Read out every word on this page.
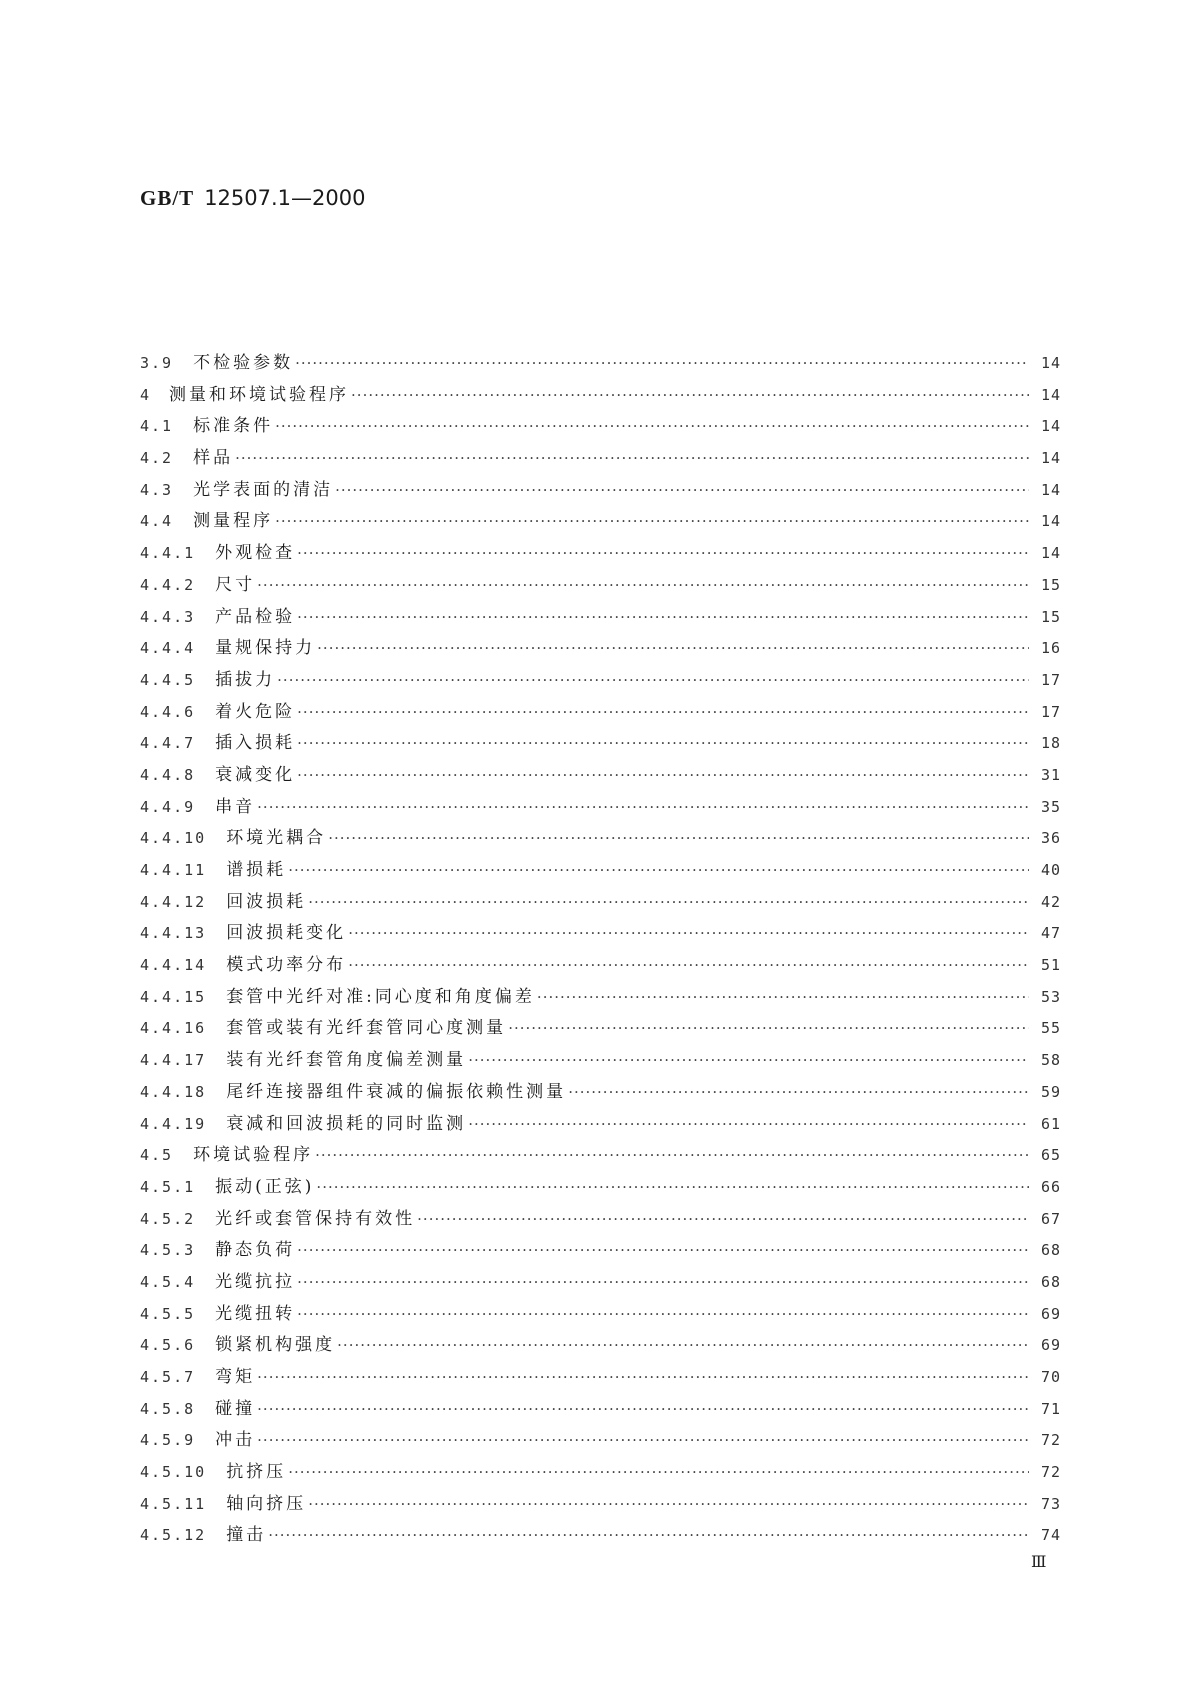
GB/T 12507.1—2000
3.9 不检验参数 ·····	14
4 测量和环境试验程序 ·····	14
4.1 标准条件 ·····	14
4.2 样品 ·····	14
4.3 光学表面的清洁 ·····	14
4.4 测量程序 ·····	14
4.4.1 外观检查 ·····	14
4.4.2 尺寸 ·····	15
4.4.3 产品检验 ·····	15
4.4.4 量规保持力 ·····	16
4.4.5 插拔力 ·····	17
4.4.6 着火危险 ·····	17
4.4.7 插入损耗 ·····	18
4.4.8 衰减变化 ·····	31
4.4.9 串音 ·····	35
4.4.10 环境光耦合 ·····	36
4.4.11 谱损耗 ·····	40
4.4.12 回波损耗 ·····	42
4.4.13 回波损耗变化 ·····	47
4.4.14 模式功率分布 ·····	51
4.4.15 套管中光纤对准:同心度和角度偏差 ·····	53
4.4.16 套管或装有光纤套管同心度测量 ·····	55
4.4.17 装有光纤套管角度偏差测量 ·····	58
4.4.18 尾纤连接器组件衰减的偏振依赖性测量 ·····	59
4.4.19 衰减和回波损耗的同时监测 ·····	61
4.5 环境试验程序 ·····	65
4.5.1 振动(正弦) ·····	66
4.5.2 光纤或套管保持有效性 ·····	67
4.5.3 静态负荷 ·····	68
4.5.4 光缆抗拉 ·····	68
4.5.5 光缆扭转 ·····	69
4.5.6 锁紧机构强度 ·····	69
4.5.7 弯矩 ·····	70
4.5.8 碰撞 ·····	71
4.5.9 冲击 ·····	72
4.5.10 抗挤压 ·····	72
4.5.11 轴向挤压 ·····	73
4.5.12 撞击 ·····	74
Ⅲ
